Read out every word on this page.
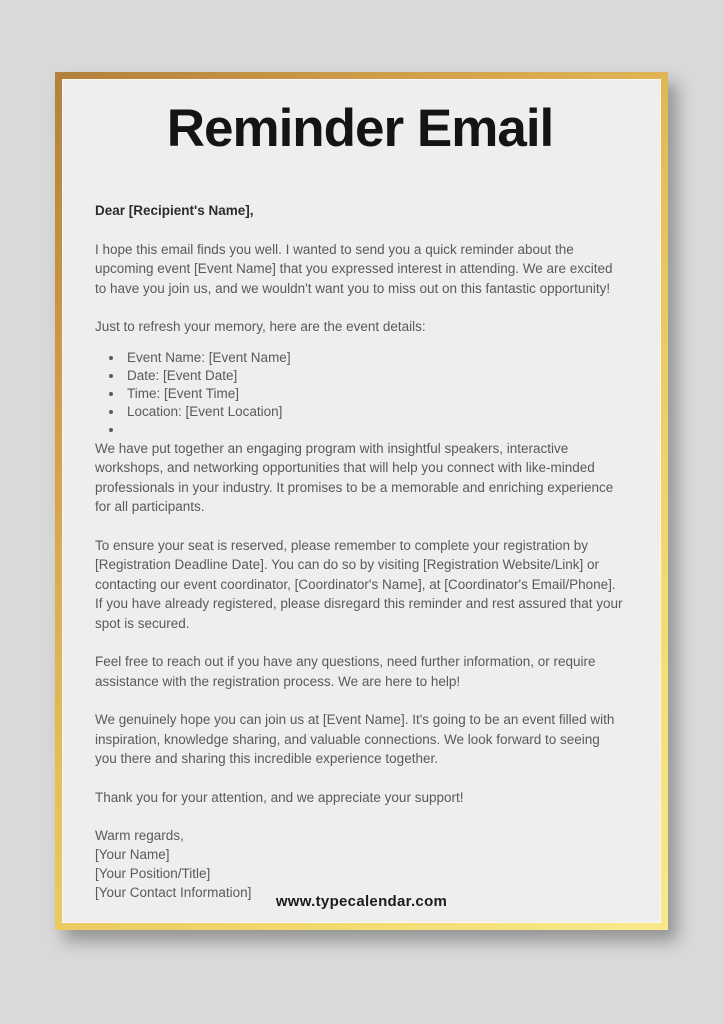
Reminder Email
Dear [Recipient's Name],

I hope this email finds you well. I wanted to send you a quick reminder about the upcoming event [Event Name] that you expressed interest in attending. We are excited to have you join us, and we wouldn't want you to miss out on this fantastic opportunity!

Just to refresh your memory, here are the event details:

• Event Name: [Event Name] ​
• Date: [Event Date] ​
• Time: [Event Time] ​
• Location: [Event Location] ​
• ​

We have put together an engaging program with insightful speakers, interactive workshops, and networking opportunities that will help you connect with like-minded professionals in your industry. It promises to be a memorable and enriching experience for all participants.

To ensure your seat is reserved, please remember to complete your registration by [Registration Deadline Date]. You can do so by visiting [Registration Website/Link] or contacting our event coordinator, [Coordinator's Name], at [Coordinator's Email/Phone]. If you have already registered, please disregard this reminder and rest assured that your spot is secured.

Feel free to reach out if you have any questions, need further information, or require assistance with the registration process. We are here to help!

We genuinely hope you can join us at [Event Name]. It's going to be an event filled with inspiration, knowledge sharing, and valuable connections. We look forward to seeing you there and sharing this incredible experience together.

Thank you for your attention, and we appreciate your support!

Warm regards,
[Your Name]
[Your Position/Title]
[Your Contact Information]
www.typecalendar.com
